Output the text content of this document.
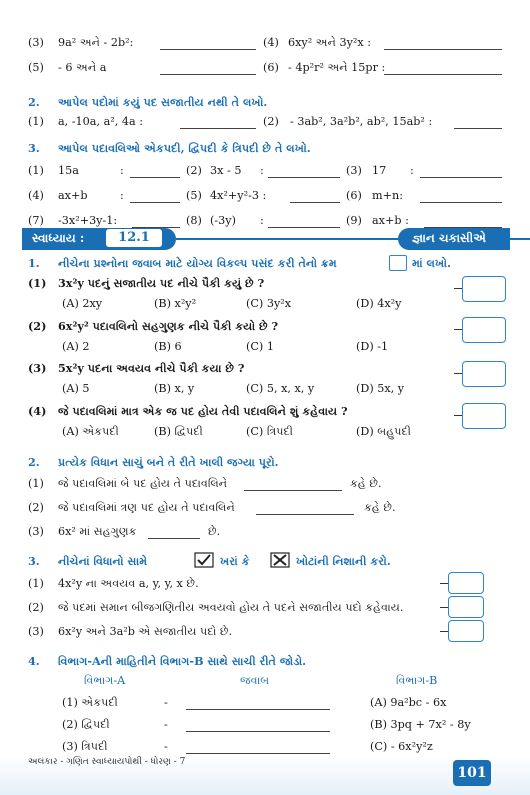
(3) 9a² અને - 2b²:	(4) 6xy² અને 3y²x :
(5) - 6 અને a	(6) - 4p²r² અને 15pr :
2. આપેલ પદોમાં કયું પદ સજાતીય નથી તે લખો.
(1) a, -10a, a², 4a :	(2) - 3ab², 3a²b², ab², 15ab² :
3. આપેલ પદાવલિઓ એકપદી, દ્વિપદી કે ત્રિપદી છે તે લખો.
(1) 15a	:	(2) 3x - 5 :	(3) 17 :
(4) ax+b	:	(5) 4x²+y²-3 :	(6) m+n:
(7) -3x²+3y-1:	(8) (-3y) :	(9) ax+b :
સ્વાધ્યાય :	12.1	જ્ઞાન ચકાસીએ
1. નીચેના પ્રશ્નોના જવાબ માટે યોગ્ય વિકલ્પ પસંદ કરી તેનો ક્રમ	માં લખો.
(1) 3x²y પદનું સજાતીય પદ નીચે પૈકી કયું છે ?
(A) 2xy	(B) x²y²	(C) 3y²x	(D) 4x²y
(2) 6x²y² પદાવલિનો સહગુણક નીચે પૈકી કયો છે ?
(A) 2	(B) 6	(C) 1	(D) -1
(3) 5x²y પદના અવયવ નીચે પૈકી કયા છે ?
(A) 5	(B) x, y	(C) 5, x, x, y	(D) 5x, y
(4) જે પદાવલિમાં માત્ર એક જ પદ હોય તેવી પદાવલિને શું કહેવાય ?
(A) એકપદી	(B) દ્વિપદી	(C) ત્રિપદી	(D) બહુપદી
2. પ્રત્યેક વિધાન સાચું બને તે રીતે ખાલી જગ્યા પૂરો.
(1) જે પદાવલિમાં બે પદ હોય તે પદાવલિને	કહે છે.
(2) જે પદાવલિમાં ત્રણ પદ હોય તે પદાવલિને	કહે છે.
(3) 6x² માં સહગુણક	છે.
3. નીચેનાં વિધાનો સામે	ખરાં કે	ખોટાંની નિશાની કરો.
(1) 4x²y ના અવયવ a, y, y, x છે.
(2) જે પદમાં સમાન બીજગણિતીય અવયવો હોય તે પદને સજાતીય પદો કહેવાય.
(3) 6x²y અને 3a²b એ સજાતીય પદો છે.
4. વિભાગ-Aની માહિતીને વિભાગ-B સાથે સાચી રીતે જોડો.
વિભાગ-A	જવાબ	વિભાગ-B
(1) એકપદી	-	(A) 9a²bc - 6x
(2) દ્વિપદી	-	(B) 3pq + 7x² - 8y
(3) ત્રિપદી	-	(C) - 6x²y²z
અલંકાર - ગણિત સ્વાધ્યાયપોથી - ધોરણ - 7
101
